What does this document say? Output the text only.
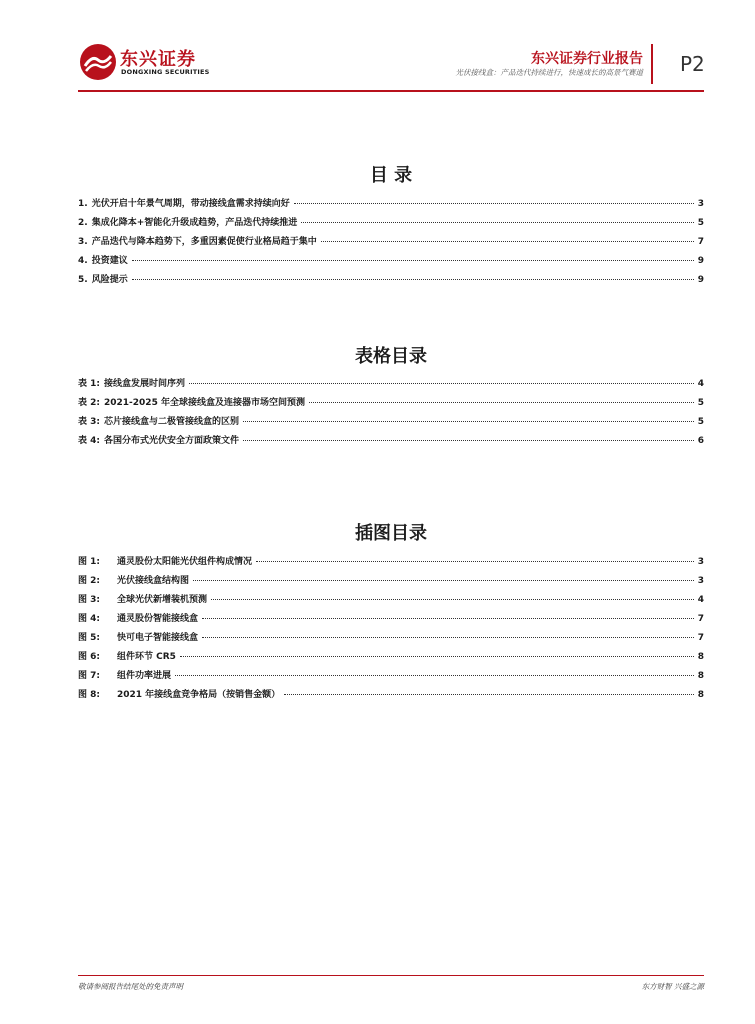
东兴证券
DONGXING SECURITIES
东兴证券行业报告
光伏接线盒：产品迭代持续进行，快速成长的高景气赛道 P2
目 录
1. 光伏开启十年景气周期，带动接线盒需求持续向好	3
2. 集成化降本+智能化升级成趋势，产品迭代持续推进	5
3. 产品迭代与降本趋势下，多重因素促使行业格局趋于集中	7
4. 投资建议	9
5. 风险提示	9
表格目录
表 1: 接线盒发展时间序列	4
表 2: 2021-2025 年全球接线盒及连接器市场空间预测	5
表 3: 芯片接线盒与二极管接线盒的区别	5
表 4: 各国分布式光伏安全方面政策文件	6
插图目录
图 1:	通灵股份太阳能光伏组件构成情况	3
图 2:	光伏接线盒结构图	3
图 3:	全球光伏新增装机预测	4
图 4:	通灵股份智能接线盒	7
图 5:	快可电子智能接线盒	7
图 6:	组件环节 CR5	8
图 7:	组件功率进展	8
图 8:	2021 年接线盒竞争格局（按销售金额）	8
敬请参阅报告结尾处的免责声明	东方财智 兴盛之源
